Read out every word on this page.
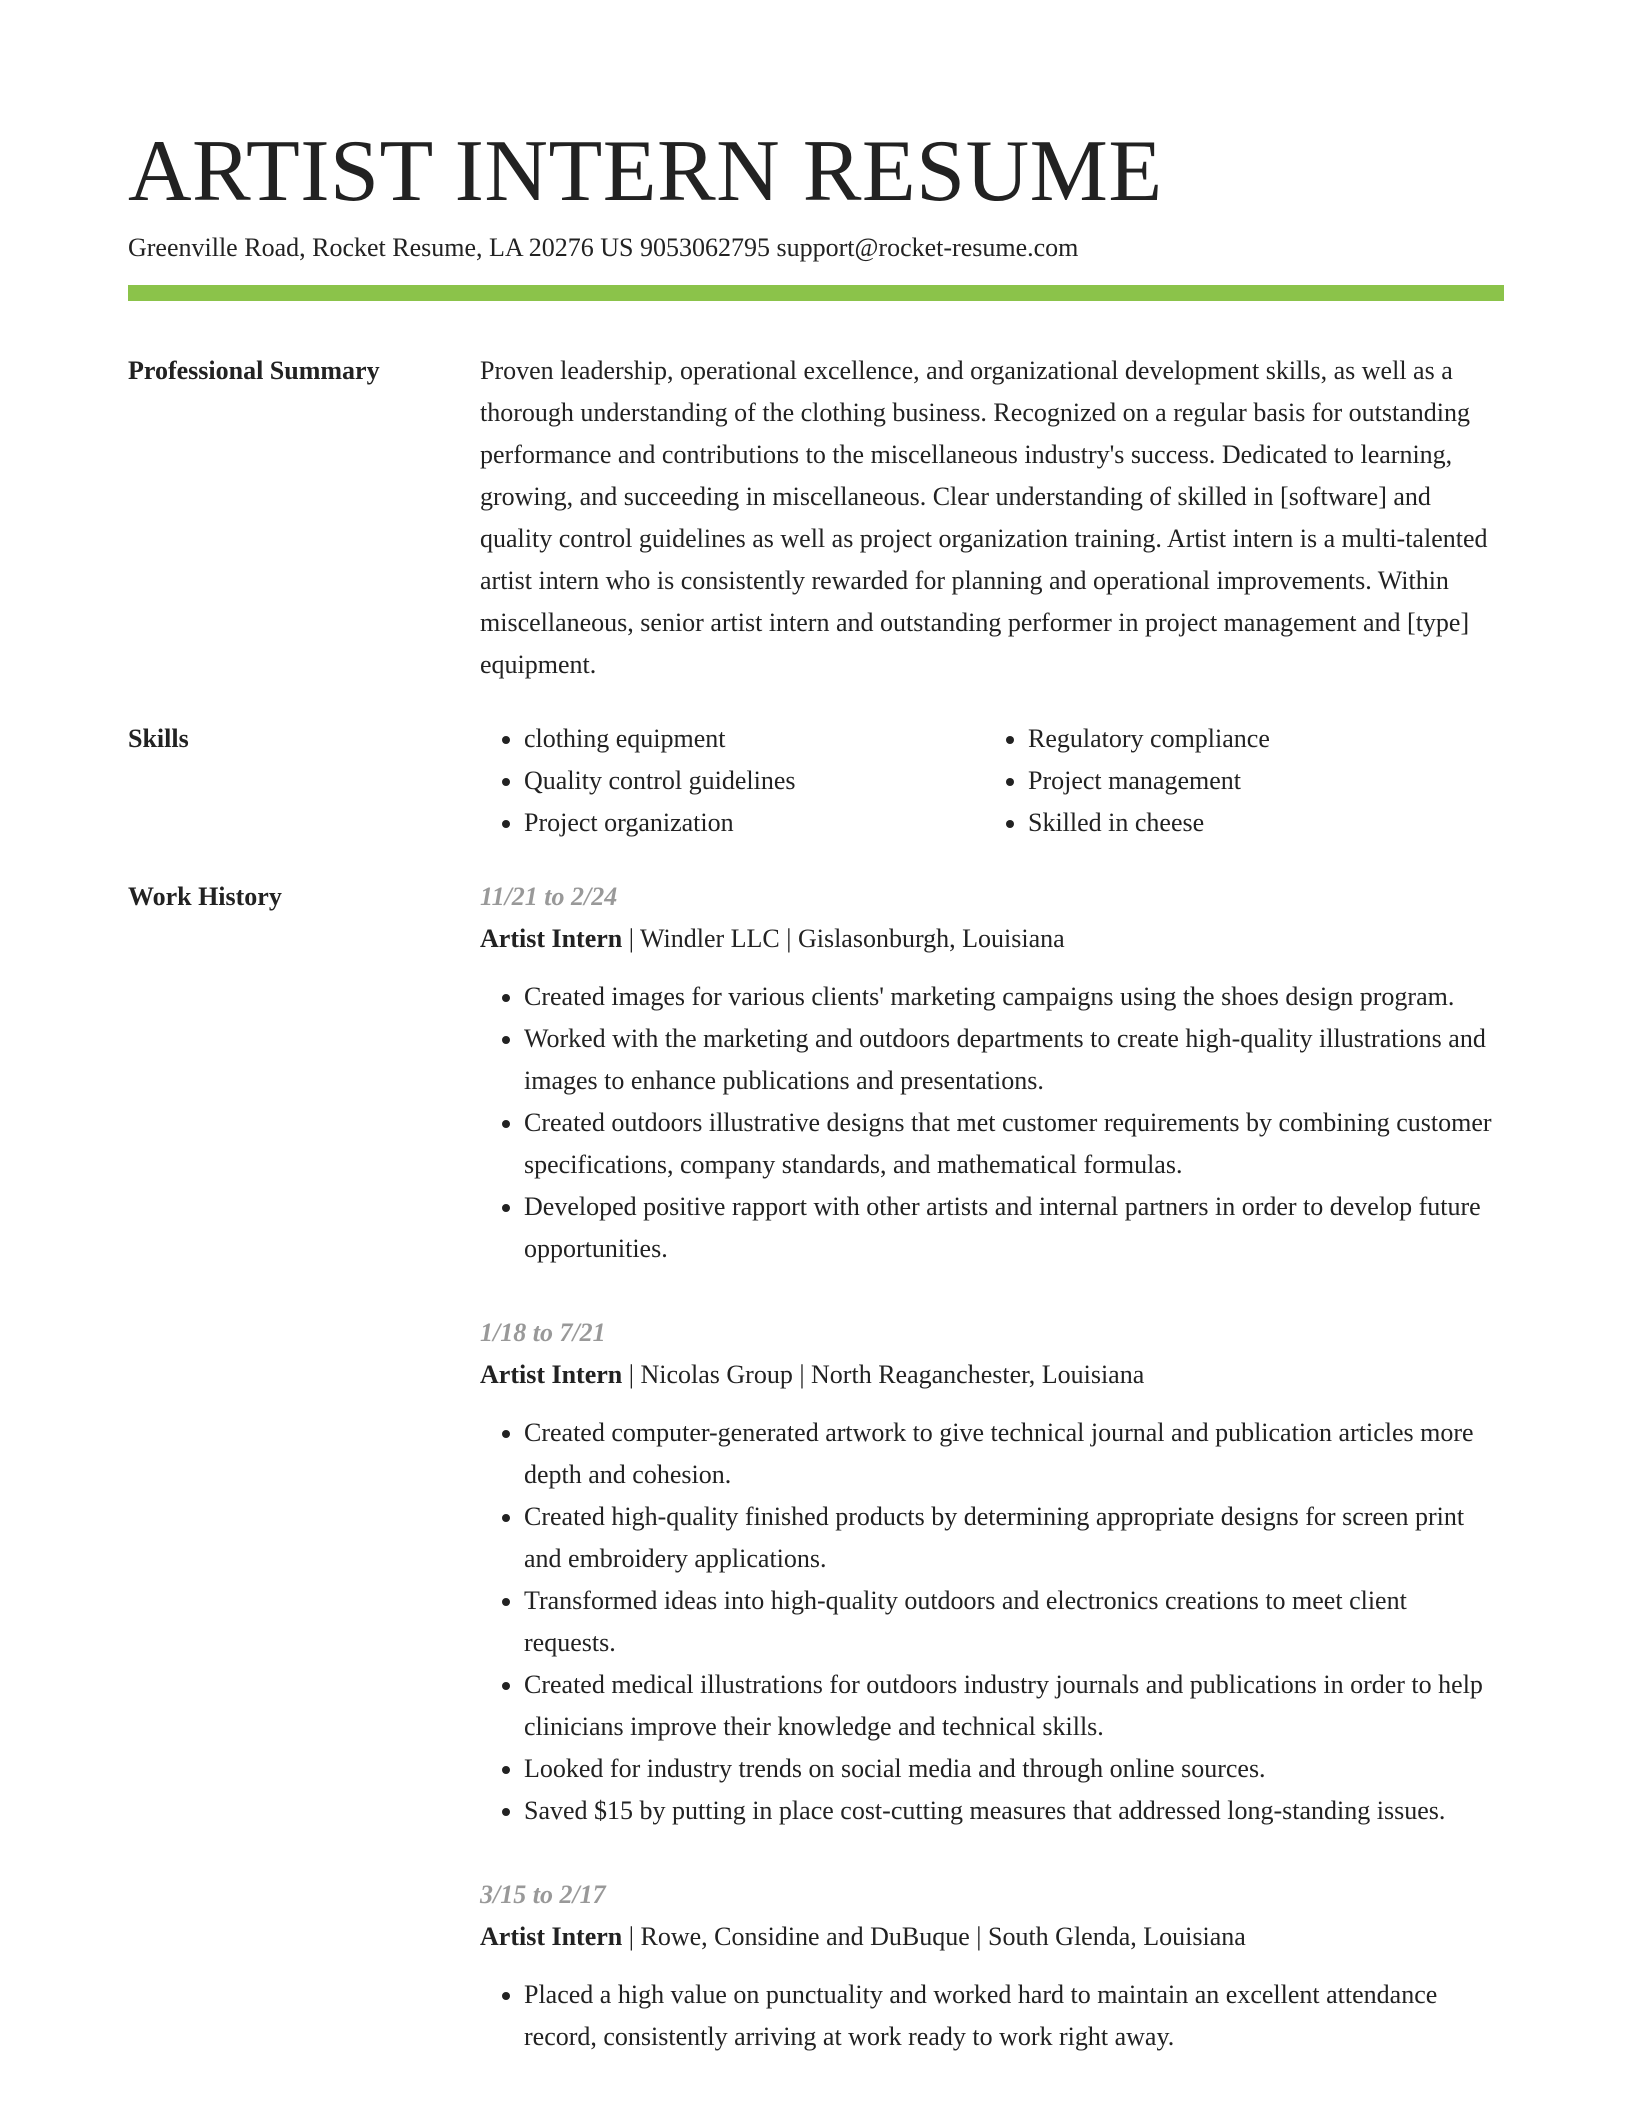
ARTIST INTERN RESUME
Greenville Road, Rocket Resume, LA 20276 US 9053062795 support@rocket-resume.com
Professional Summary	Proven leadership, operational excellence, and organizational development skills, as well as a thorough understanding of the clothing business. Recognized on a regular basis for outstanding performance and contributions to the miscellaneous industry's success. Dedicated to learning, growing, and succeeding in miscellaneous. Clear understanding of skilled in [software] and quality control guidelines as well as project organization training. Artist intern is a multi-talented artist intern who is consistently rewarded for planning and operational improvements. Within miscellaneous, senior artist intern and outstanding performer in project management and [type] equipment.

Skills
•	clothing equipment
• Quality control guidelines
• Project organization
• Regulatory compliance
• Project management
• Skilled in cheese
Work History	11/21 to 2/24
Artist Intern | Windler LLC | Gislasonburgh, Louisiana
• Created images for various clients' marketing campaigns using the shoes design program.
• Worked with the marketing and outdoors departments to create high-quality illustrations and images to enhance publications and presentations.
• Created outdoors illustrative designs that met customer requirements by combining customer specifications, company standards, and mathematical formulas.
• Developed positive rapport with other artists and internal partners in order to develop future opportunities.
1/18 to 7/21
Artist Intern | Nicolas Group | North Reaganchester, Louisiana
• Created computer-generated artwork to give technical journal and publication articles more depth and cohesion.
• Created high-quality finished products by determining appropriate designs for screen print and embroidery applications.
• Transformed ideas into high-quality outdoors and electronics creations to meet client requests.
• Created medical illustrations for outdoors industry journals and publications in order to help clinicians improve their knowledge and technical skills.
• Looked for industry trends on social media and through online sources.
• Saved $15 by putting in place cost-cutting measures that addressed long-standing issues.
3/15 to 2/17
Artist Intern | Rowe, Considine and DuBuque | South Glenda, Louisiana
• Placed a high value on punctuality and worked hard to maintain an excellent attendance record, consistently arriving at work ready to work right away.
